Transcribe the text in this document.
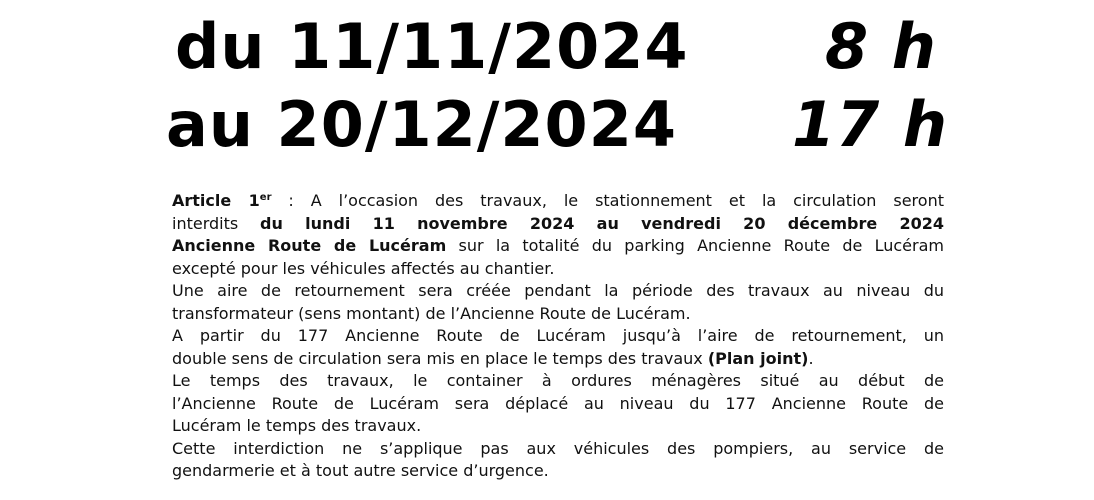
du 11/11/2024 8 h
au 20/12/2024 17 h
Article 1er : A l’occasion des travaux, le stationnement et la circulation seront
interdits du lundi 11 novembre 2024 au vendredi 20 décembre 2024
Ancienne Route de Lucéram sur la totalité du parking Ancienne Route de Lucéram
excepté pour les véhicules affectés au chantier.
Une aire de retournement sera créée pendant la période des travaux au niveau du
transformateur (sens montant) de l’Ancienne Route de Lucéram.
A partir du 177 Ancienne Route de Lucéram jusqu’à l’aire de retournement, un
double sens de circulation sera mis en place le temps des travaux (Plan joint).
Le temps des travaux, le container à ordures ménagères situé au début de
l’Ancienne Route de Lucéram sera déplacé au niveau du 177 Ancienne Route de
Lucéram le temps des travaux.
Cette interdiction ne s’applique pas aux véhicules des pompiers, au service de
gendarmerie et à tout autre service d’urgence.
